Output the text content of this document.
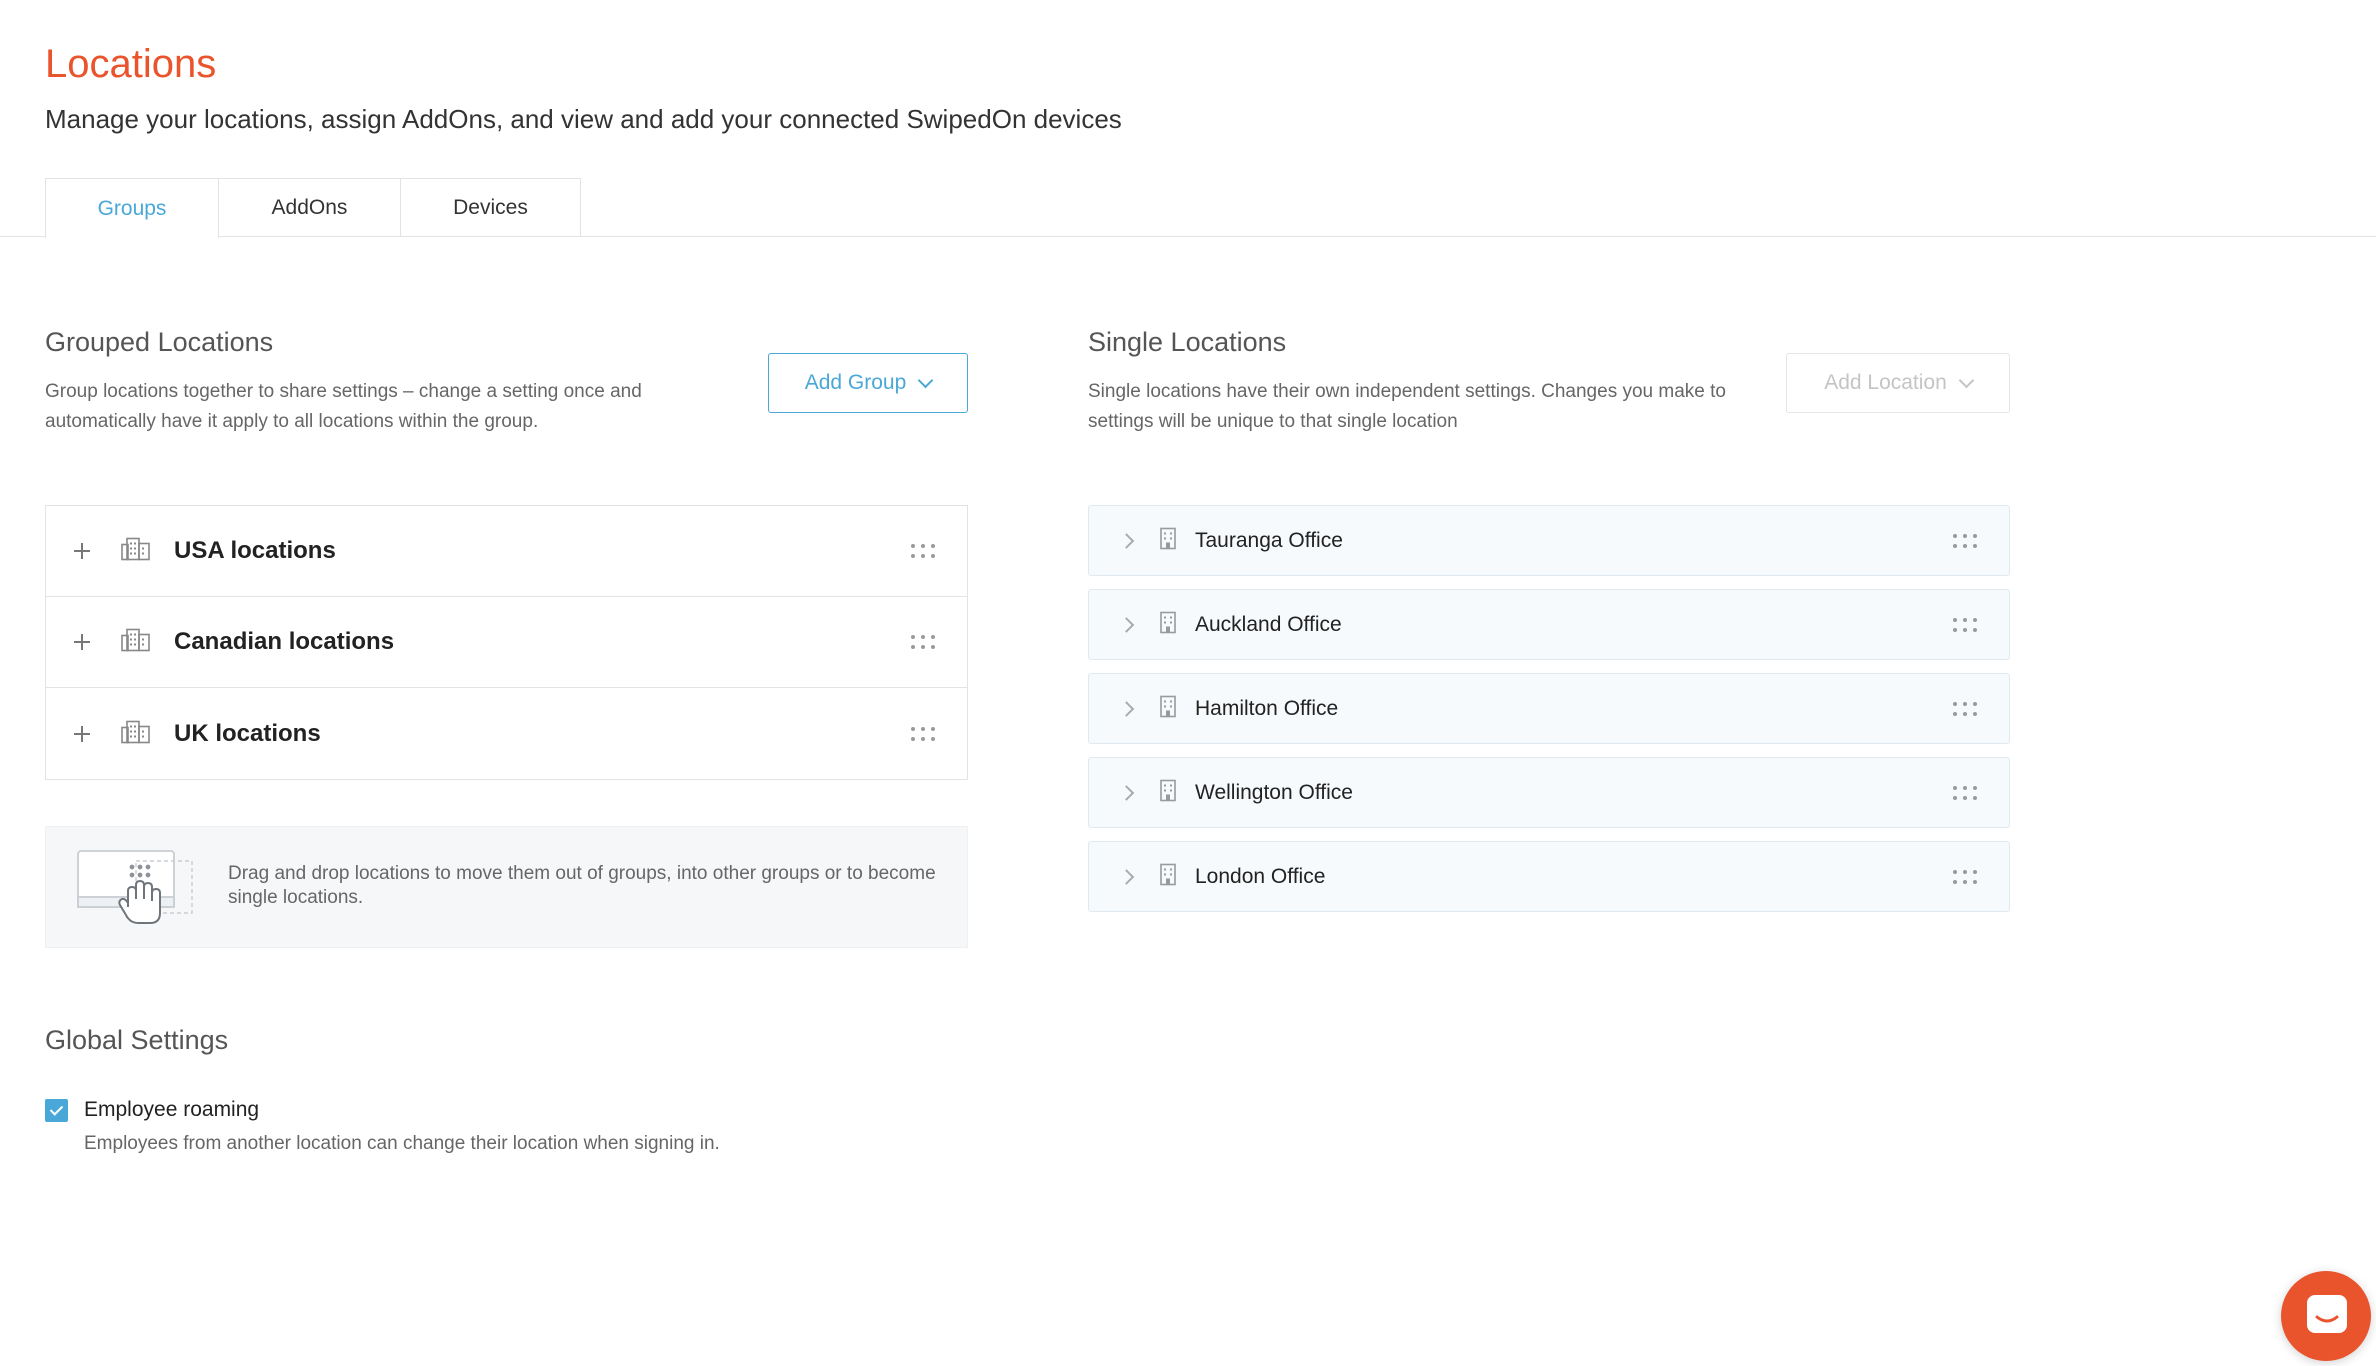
Locations
Manage your locations, assign AddOns, and view and add your connected SwipedOn devices
Groups	AddOns	Devices
Grouped Locations
Group locations together to share settings – change a setting once and automatically have it apply to all locations within the group.
Add Group
USA locations
Canadian locations
UK locations
Drag and drop locations to move them out of groups, into other groups or to become single locations.
Single Locations
Single locations have their own independent settings. Changes you make to settings will be unique to that single location
Add Location
Tauranga Office
Auckland Office
Hamilton Office
Wellington Office
London Office
Global Settings
Employee roaming
Employees from another location can change their location when signing in.
